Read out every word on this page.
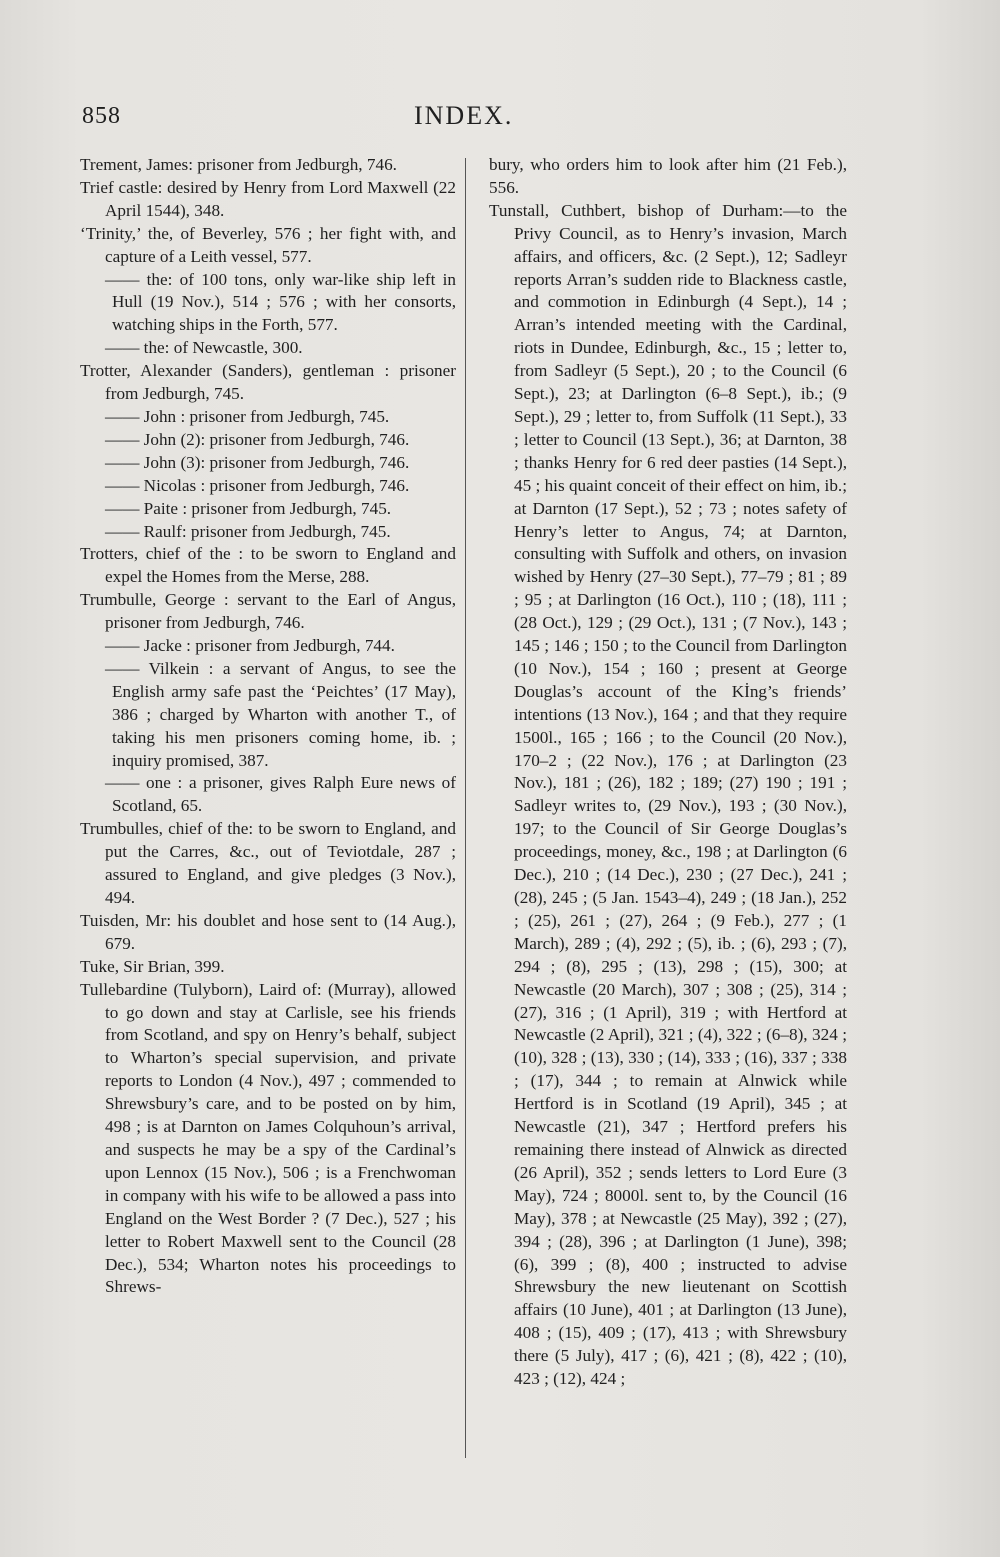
858	INDEX.

Trement, James: prisoner from Jedburgh, 746.

Trief castle: desired by Henry from Lord Maxwell (22 April 1544), 348.

‘Trinity,’ the, of Beverley, 576 ; her fight with, and capture of a Leith vessel, 577.

—— the: of 100 tons, only war-like ship left in Hull (19 Nov.), 514 ; 576 ; with her consorts, watching ships in the Forth, 577.

—— the: of Newcastle, 300.

Trotter, Alexander (Sanders), gentleman : prisoner from Jedburgh, 745.

—— John : prisoner from Jedburgh, 745.

—— John (2): prisoner from Jedburgh, 746.

—— John (3): prisoner from Jedburgh, 746.

—— Nicolas : prisoner from Jedburgh, 746.

—— Paite : prisoner from Jedburgh, 745.

—— Raulf: prisoner from Jedburgh, 745.

Trotters, chief of the : to be sworn to England and expel the Homes from the Merse, 288.

Trumbulle, George : servant to the Earl of Angus, prisoner from Jedburgh, 746.

—— Jacke : prisoner from Jedburgh, 744.

—— Vilkein : a servant of Angus, to see the English army safe past the ‘Peichtes’ (17 May), 386 ; charged by Wharton with another T., of taking his men prisoners coming home, ib. ; inquiry promised, 387.

—— one : a prisoner, gives Ralph Eure news of Scotland, 65.

Trumbulles, chief of the: to be sworn to England, and put the Carres, &c., out of Teviotdale, 287 ; assured to England, and give pledges (3 Nov.), 494.

Tuisden, Mr: his doublet and hose sent to (14 Aug.), 679.

Tuke, Sir Brian, 399.

Tullebardine (Tulyborn), Laird of: (Murray), allowed to go down and stay at Carlisle, see his friends from Scotland, and spy on Henry’s behalf, subject to Wharton’s special supervision, and private reports to London (4 Nov.), 497 ; commended to Shrewsbury’s care, and to be posted on by him, 498 ; is at Darnton on James Colquhoun’s arrival, and suspects he may be a spy of the Cardinal’s upon Lennox (15 Nov.), 506 ; is a Frenchwoman in company with his wife to be allowed a pass into England on the West Border ? (7 Dec.), 527 ; his letter to Robert Maxwell sent to the Council (28 Dec.), 534; Wharton notes his proceedings to Shrews-

bury, who orders him to look after him (21 Feb.), 556.

Tunstall, Cuthbert, bishop of Durham:—to the Privy Council, as to Henry’s invasion, March affairs, and officers, &c. (2 Sept.), 12; Sadleyr reports Arran’s sudden ride to Blackness castle, and commotion in Edinburgh (4 Sept.), 14 ; Arran’s intended meeting with the Cardinal, riots in Dundee, Edinburgh, &c., 15 ; letter to, from Sadleyr (5 Sept.), 20 ; to the Council (6 Sept.), 23; at Darlington (6–8 Sept.), ib.; (9 Sept.), 29 ; letter to, from Suffolk (11 Sept.), 33 ; letter to Council (13 Sept.), 36; at Darnton, 38 ; thanks Henry for 6 red deer pasties (14 Sept.), 45 ; his quaint conceit of their effect on him, ib.; at Darnton (17 Sept.), 52 ; 73 ; notes safety of Henry’s letter to Angus, 74; at Darnton, consulting with Suffolk and others, on invasion wished by Henry (27–30 Sept.), 77–79 ; 81 ; 89 ; 95 ; at Darlington (16 Oct.), 110 ; (18), 111 ; (28 Oct.), 129 ; (29 Oct.), 131 ; (7 Nov.), 143 ; 145 ; 146 ; 150 ; to the Council from Darlington (10 Nov.), 154 ; 160 ; present at George Douglas’s account of the Kİng’s friends’ intentions (13 Nov.), 164 ; and that they require 1500l., 165 ; 166 ; to the Council (20 Nov.), 170–2 ; (22 Nov.), 176 ; at Darlington (23 Nov.), 181 ; (26), 182 ; 189; (27) 190 ; 191 ; Sadleyr writes to, (29 Nov.), 193 ; (30 Nov.), 197; to the Council of Sir George Douglas’s proceedings, money, &c., 198 ; at Darlington (6 Dec.), 210 ; (14 Dec.), 230 ; (27 Dec.), 241 ; (28), 245 ; (5 Jan. 1543–4), 249 ; (18 Jan.), 252 ; (25), 261 ; (27), 264 ; (9 Feb.), 277 ; (1 March), 289 ; (4), 292 ; (5), ib. ; (6), 293 ; (7), 294 ; (8), 295 ; (13), 298 ; (15), 300; at Newcastle (20 March), 307 ; 308 ; (25), 314 ; (27), 316 ; (1 April), 319 ; with Hertford at Newcastle (2 April), 321 ; (4), 322 ; (6–8), 324 ; (10), 328 ; (13), 330 ; (14), 333 ; (16), 337 ; 338 ; (17), 344 ; to remain at Alnwick while Hertford is in Scotland (19 April), 345 ; at Newcastle (21), 347 ; Hertford prefers his remaining there instead of Alnwick as directed (26 April), 352 ; sends letters to Lord Eure (3 May), 724 ; 8000l. sent to, by the Council (16 May), 378 ; at Newcastle (25 May), 392 ; (27), 394 ; (28), 396 ; at Darlington (1 June), 398; (6), 399 ; (8), 400 ; instructed to advise Shrewsbury the new lieutenant on Scottish affairs (10 June), 401 ; at Darlington (13 June), 408 ; (15), 409 ; (17), 413 ; with Shrewsbury there (5 July), 417 ; (6), 421 ; (8), 422 ; (10), 423 ; (12), 424 ;
